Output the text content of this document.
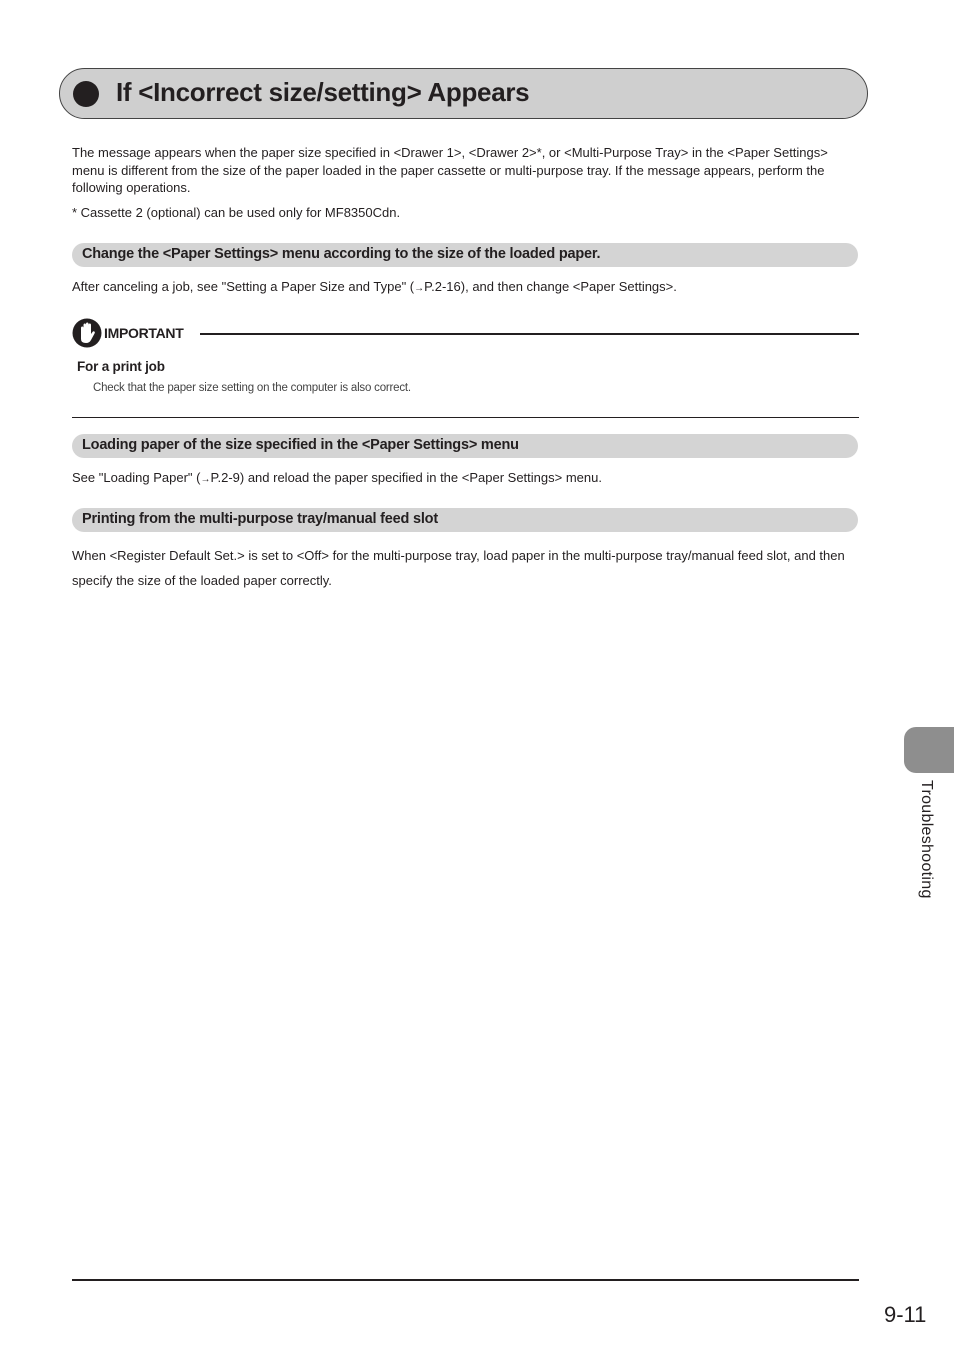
If <Incorrect size/setting> Appears

The message appears when the paper size specified in <Drawer 1>, <Drawer 2>*, or <Multi-Purpose Tray> in the <Paper Settings> menu is different from the size of the paper loaded in the paper cassette or multi-purpose tray. If the message appears, perform the following operations.

* Cassette 2 (optional) can be used only for MF8350Cdn.

Change the <Paper Settings> menu according to the size of the loaded paper.

After canceling a job, see "Setting a Paper Size and Type" (→P.2-16), and then change <Paper Settings>.

IMPORTANT
For a print job
Check that the paper size setting on the computer is also correct.
Loading paper of the size specified in the <Paper Settings> menu

See "Loading Paper" (→P.2-9) and reload the paper specified in the <Paper Settings> menu.

Printing from the multi-purpose tray/manual feed slot

When <Register Default Set.> is set to <Off> for the multi-purpose tray, load paper in the multi-purpose tray/manual feed slot, and then specify the size of the loaded paper correctly.

Troubleshooting
9-11
